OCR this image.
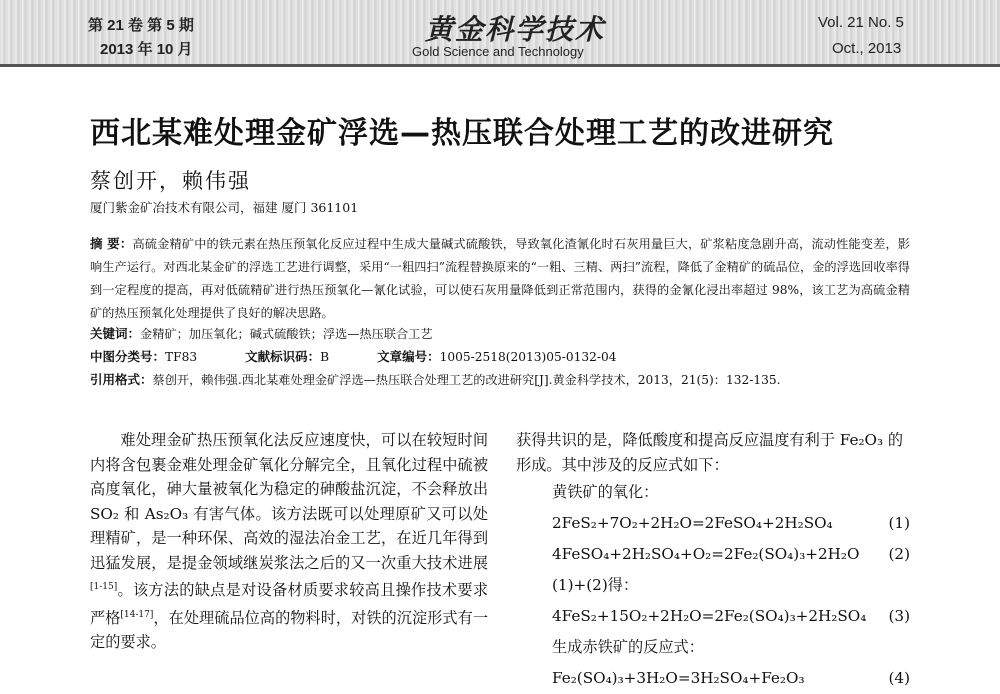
第 21 卷 第 5 期
2013 年 10 月
黄金科学技术
Gold Science and Technology
Vol. 21 No. 5
Oct., 2013
西北某难处理金矿浮选—热压联合处理工艺的改进研究
蔡创开，赖伟强
厦门紫金矿冶技术有限公司，福建 厦门 361101
摘 要：高硫金精矿中的铁元素在热压预氧化反应过程中生成大量碱式硫酸铁，导致氧化渣氰化时石灰用量巨大，矿浆粘度急剧升高，流动性能变差，影响生产运行。对西北某金矿的浮选工艺进行调整，采用“一粗四扫”流程替换原来的“一粗、三精、两扫”流程，降低了金精矿的硫品位，金的浮选回收率得到一定程度的提高，再对低硫精矿进行热压预氧化—氰化试验，可以使石灰用量降低到正常范围内，获得的金氰化浸出率超过 98%，该工艺为高硫金精矿的热压预氧化处理提供了良好的解决思路。
关键词：金精矿；加压氧化；碱式硫酸铁；浮选—热压联合工艺
中图分类号：TF83	文献标识码：B	文章编号：1005-2518(2013)05-0132-04
引用格式：蔡创开，赖伟强.西北某难处理金矿浮选—热压联合处理工艺的改进研究[J].黄金科学技术，2013，21(5)：132-135.

难处理金矿热压预氧化法反应速度快，可以在较短时间内将含包裹金难处理金矿氧化分解完全，且氧化过程中硫被高度氧化，砷大量被氧化为稳定的砷酸盐沉淀，不会释放出 SO₂ 和 As₂O₃ 有害气体。该方法既可以处理原矿又可以处理精矿，是一种环保、高效的湿法冶金工艺，在近几年得到迅猛发展，是提金领域继炭浆法之后的又一次重大技术进展[1-15]。该方法的缺点是对设备材质要求较高且操作技术要求严格[14-17]，在处理硫品位高的物料时，对铁的沉淀形式有一定的要求。

获得共识的是，降低酸度和提高反应温度有利于 Fe₂O₃ 的形成。其中涉及的反应式如下：

黄铁矿的氧化：
2FeS₂+7O₂+2H₂O=2FeSO₄+2H₂SO₄	(1)
4FeSO₄+2H₂SO₄+O₂=2Fe₂(SO₄)₃+2H₂O (2)
(1)+(2)得：
4FeS₂+15O₂+2H₂O=2Fe₂(SO₄)₃+2H₂SO₄ (3)
生成赤铁矿的反应式：
Fe₂(SO₄)₃+3H₂O=3H₂SO₄+Fe₂O₃	(4)
